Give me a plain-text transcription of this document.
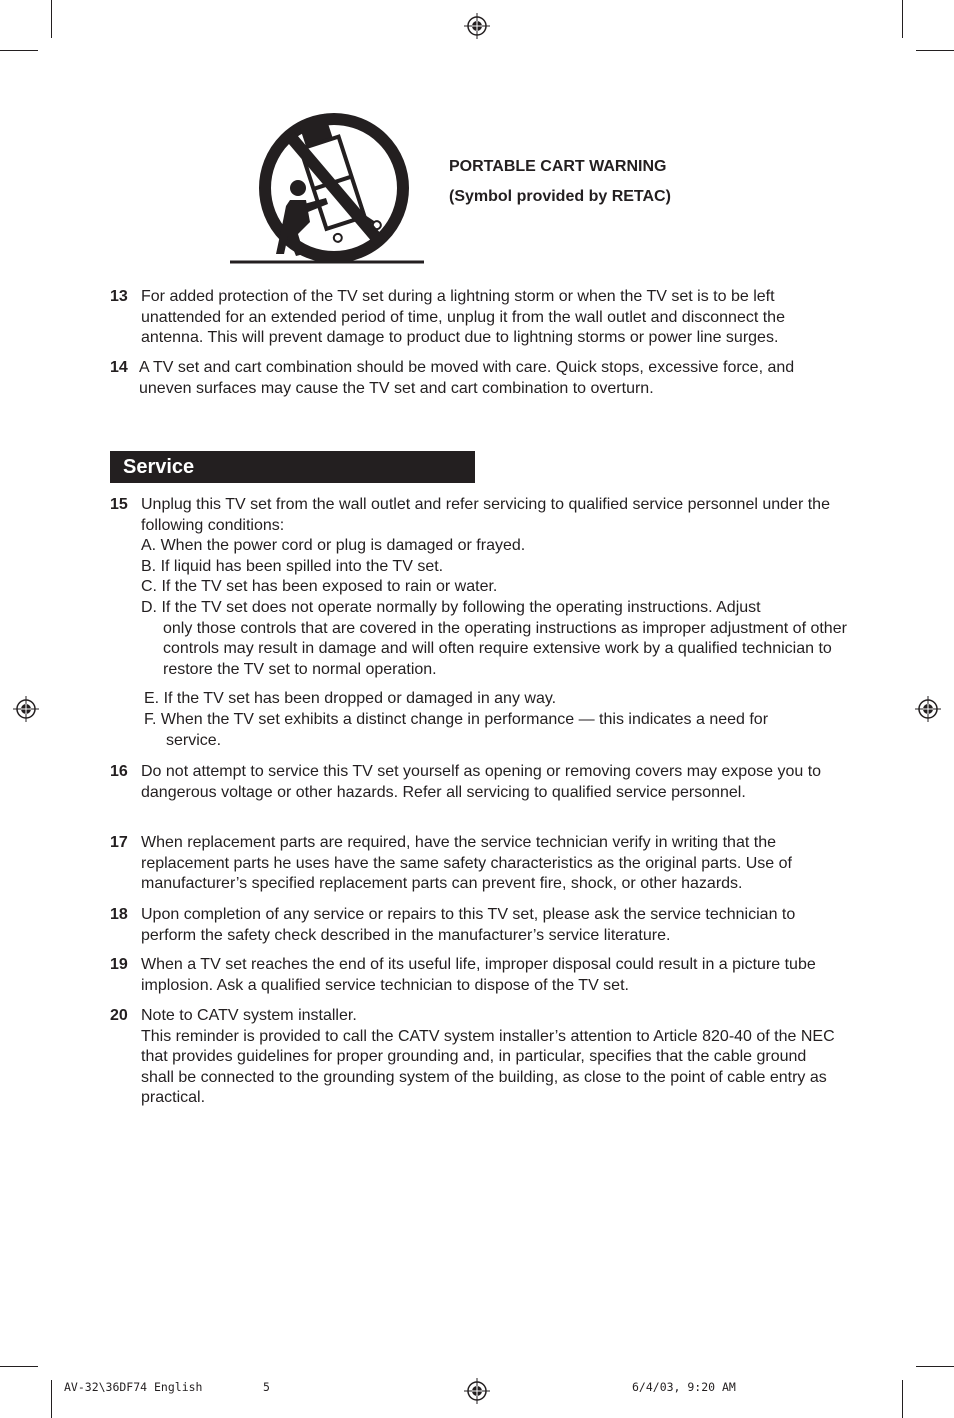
PORTABLE CART WARNING
(Symbol provided by RETAC)
13 For added protection of the TV set during a lightning storm or when the TV set is to be left unattended for an extended period of time, unplug it from the wall outlet and disconnect the antenna. This will prevent damage to product due to lightning storms or power line surges.
14 A TV set and cart combination should be moved with care. Quick stops, excessive force, and uneven surfaces may cause the TV set and cart combination to overturn.
Service
15 Unplug this TV set from the wall outlet and refer servicing to qualified service personnel under the following conditions:
A. When the power cord or plug is damaged or frayed.
B. If liquid has been spilled into the TV set.
C. If the TV set has been exposed to rain or water.
D. If the TV set does not operate normally by following the operating instructions. Adjust
only those controls that are covered in the operating instructions as improper adjustment of other controls may result in damage and will often require extensive work by a qualified technician to restore the TV set to normal operation.
E. If the TV set has been dropped or damaged in any way.
F. When the TV set exhibits a distinct change in performance — this indicates a need for
service.
16 Do not attempt to service this TV set yourself as opening or removing covers may expose you to dangerous voltage or other hazards. Refer all servicing to qualified service personnel.
17 When replacement parts are required, have the service technician verify in writing that the replacement parts he uses have the same safety characteristics as the original parts. Use of manufacturer’s specified replacement parts can prevent fire, shock, or other hazards.
18 Upon completion of any service or repairs to this TV set, please ask the service technician to perform the safety check described in the manufacturer’s service literature.
19 When a TV set reaches the end of its useful life, improper disposal could result in a picture tube implosion. Ask a qualified service technician to dispose of the TV set.
20 Note to CATV system installer.
This reminder is provided to call the CATV system installer’s attention to Article 820-40 of the NEC that provides guidelines for proper grounding and, in particular, specifies that the cable ground shall be connected to the grounding system of the building, as close to the point of cable entry as practical.
AV-32\36DF74 English	5	6/4/03, 9:20 AM
